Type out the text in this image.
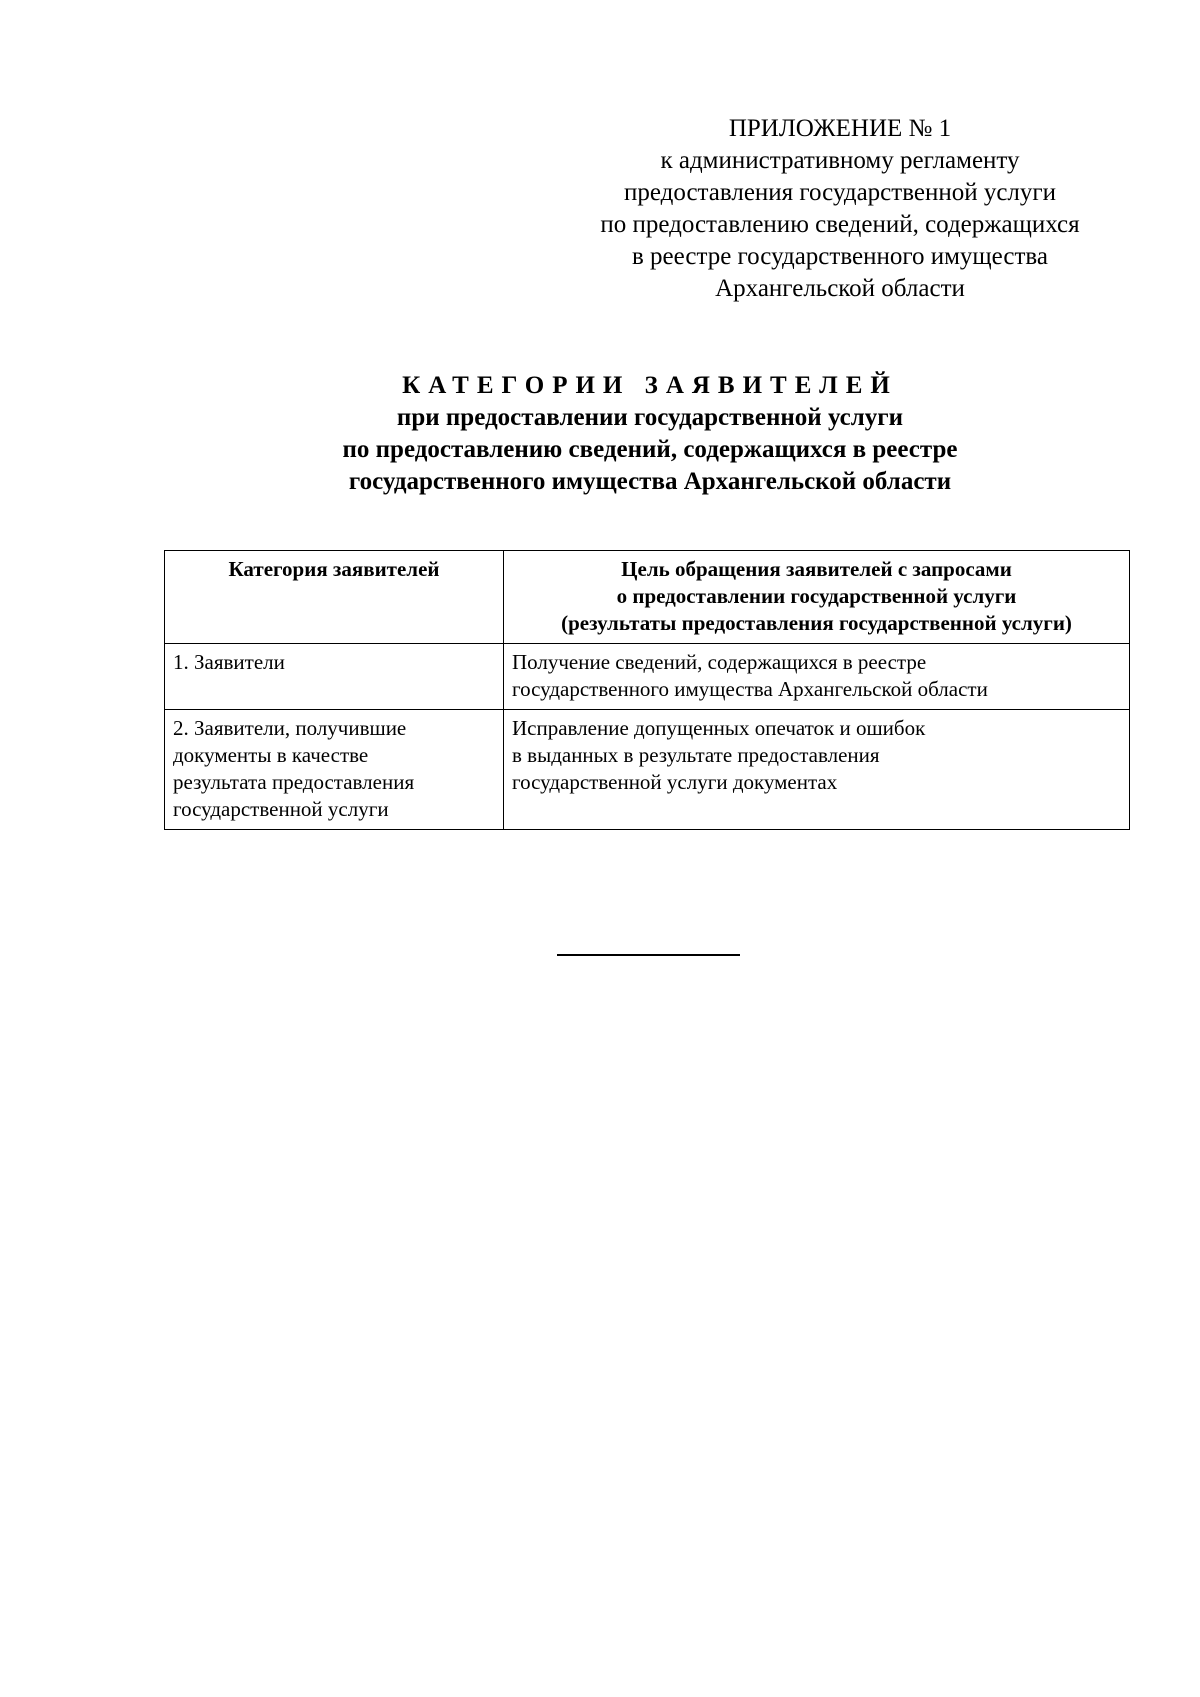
ПРИЛОЖЕНИЕ № 1
к административному регламенту
предоставления государственной услуги
по предоставлению сведений, содержащихся
в реестре государственного имущества
Архангельской области
КАТЕГОРИИ ЗАЯВИТЕЛЕЙ
при предоставлении государственной услуги
по предоставлению сведений, содержащихся в реестре
государственного имущества Архангельской области
Категория заявителей	Цель обращения заявителей с запросами
о предоставлении государственной услуги
(результаты предоставления государственной услуги)

1. Заявители	Получение сведений, содержащихся в реестре
государственного имущества Архангельской области

2. Заявители, получившие
документы в качестве
результата предоставления
государственной услуги	Исправление допущенных опечаток и ошибок
в выданных в результате предоставления
государственной услуги документах
